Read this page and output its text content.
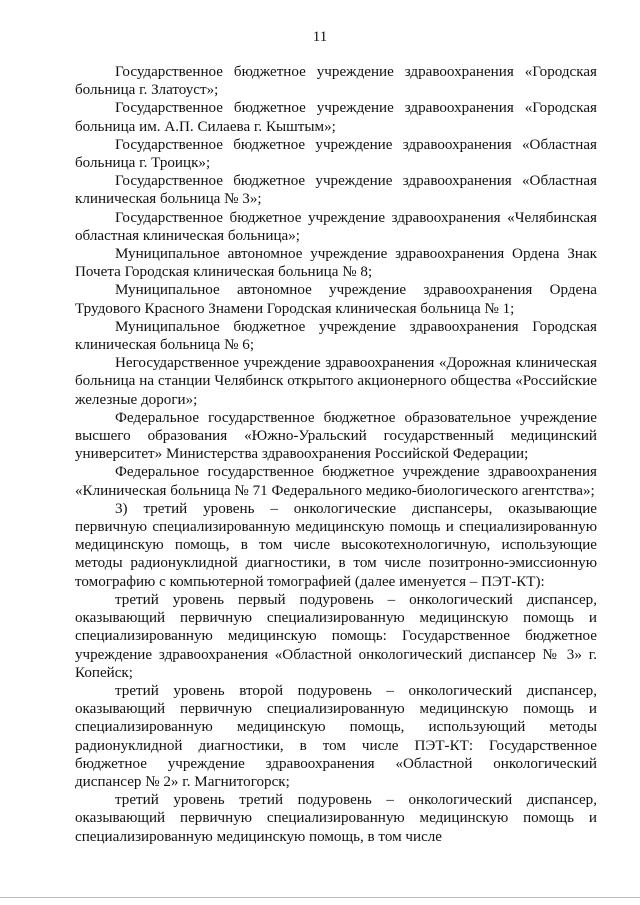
11

Государственное бюджетное учреждение здравоохранения «Городская больница г. Златоуст»;

Государственное бюджетное учреждение здравоохранения «Городская больница им. А.П. Силаева г. Кыштым»;

Государственное бюджетное учреждение здравоохранения «Областная больница г. Троицк»;

Государственное бюджетное учреждение здравоохранения «Областная клиническая больница № 3»;

Государственное бюджетное учреждение здравоохранения «Челябинская областная клиническая больница»;

Муниципальное автономное учреждение здравоохранения Ордена Знак Почета Городская клиническая больница № 8;

Муниципальное автономное учреждение здравоохранения Ордена Трудового Красного Знамени Городская клиническая больница № 1;

Муниципальное бюджетное учреждение здравоохранения Городская клиническая больница № 6;

Негосударственное учреждение здравоохранения «Дорожная клиническая больница на станции Челябинск открытого акционерного общества «Российские железные дороги»;

Федеральное государственное бюджетное образовательное учреждение высшего образования «Южно-Уральский государственный медицинский университет» Министерства здравоохранения Российской Федерации;

Федеральное государственное бюджетное учреждение здравоохранения «Клиническая больница № 71 Федерального медико-биологического агентства»;

3) третий уровень – онкологические диспансеры, оказывающие первичную специализированную медицинскую помощь и специализированную медицинскую помощь, в том числе высокотехнологичную, использующие методы радионуклидной диагностики, в том числе позитронно-эмиссионную томографию с компьютерной томографией (далее именуется – ПЭТ-КТ):

третий уровень первый подуровень – онкологический диспансер, оказывающий первичную специализированную медицинскую помощь и специализированную медицинскую помощь: Государственное бюджетное учреждение здравоохранения «Областной онкологический диспансер № 3» г. Копейск;

третий уровень второй подуровень – онкологический диспансер, оказывающий первичную специализированную медицинскую помощь и специализированную медицинскую помощь, использующий методы радионуклидной диагностики, в том числе ПЭТ-КТ: Государственное бюджетное учреждение здравоохранения «Областной онкологический диспансер № 2» г. Магнитогорск;

третий уровень третий подуровень – онкологический диспансер, оказывающий первичную специализированную медицинскую помощь и специализированную медицинскую помощь, в том числе
